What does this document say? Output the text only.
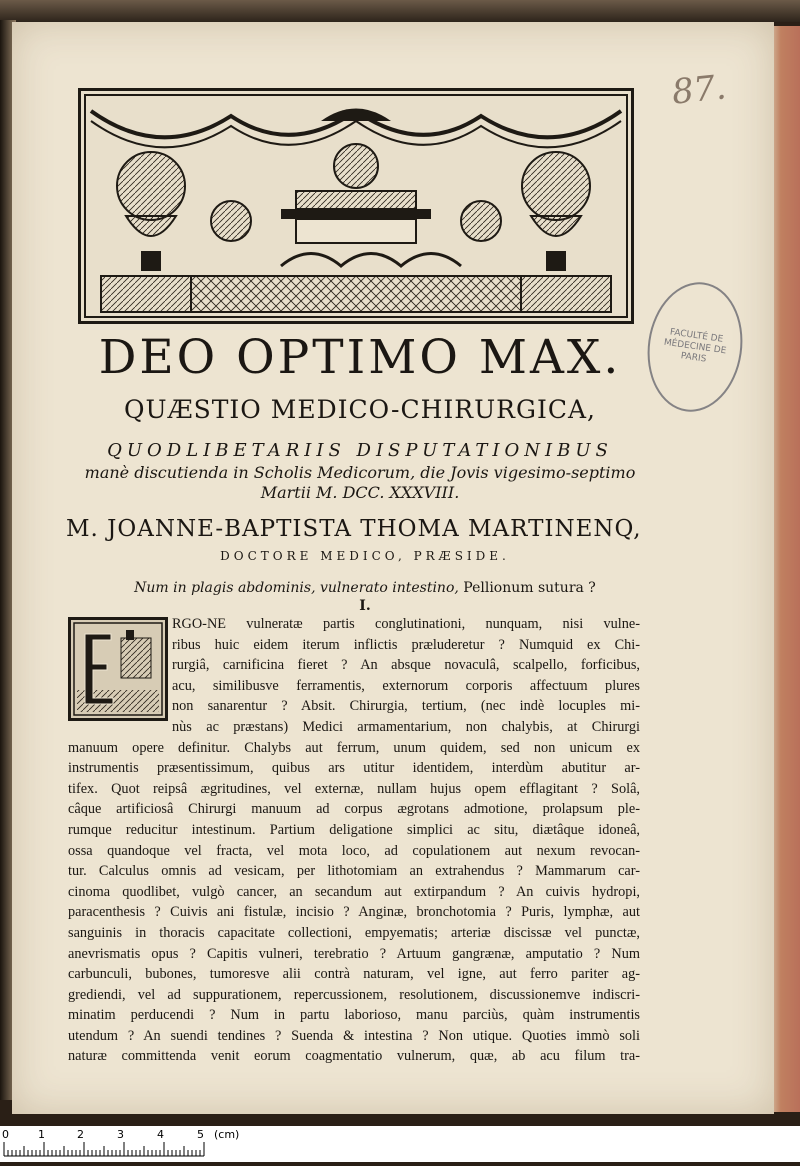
87.
FACULTÉ DE MÉDECINE DE PARIS
DEO OPTIMO MAX.
QUÆSTIO MEDICO-CHIRURGICA,
QUODLIBETARIIS DISPUTATIONIBUS
manè discutienda in Scholis Medicorum, die Jovis vigesimo-septimo
Martii M. DCC. XXXVIII.
M. JOANNE-BAPTISTA THOMA MARTINENQ,
DOCTORE MEDICO, PRÆSIDE.
Num in plagis abdominis, vulnerato intestino, Pellionum sutura ?
I.
RGO-NE vulneratæ partis conglutinationi, nunquam, nisi vulne-
ribus huic eidem iterum inflictis præluderetur ? Numquid ex Chi-
rurgiâ, carnificina fieret ? An absque novaculâ, scalpello, forficibus,
acu, similibusve ferramentis, externorum corporis affectuum plures
non sanarentur ? Absit. Chirurgia, tertium, (nec indè locuples mi-
nùs ac præstans) Medici armamentarium, non chalybis, at Chirurgi
manuum opere definitur. Chalybs aut ferrum, unum quidem, sed non unicum ex
instrumentis præsentissimum, quibus ars utitur identidem, interdùm abutitur ar-
tifex. Quot reipsâ ægritudines, vel externæ, nullam hujus opem efflagitant ? Solâ,
câque artificiosâ Chirurgi manuum ad corpus ægrotans admotione, prolapsum ple-
rumque reducitur intestinum. Partium deligatione simplici ac situ, diætâque idoneâ,
ossa quandoque vel fracta, vel mota loco, ad copulationem aut nexum revocan-
tur. Calculus omnis ad vesicam, per lithotomiam an extrahendus ? Mammarum car-
cinoma quodlibet, vulgò cancer, an secandum aut extirpandum ? An cuivis hydropi,
paracenthesis ? Cuivis ani fistulæ, incisio ? Anginæ, bronchotomia ? Puris, lymphæ, aut
sanguinis in thoracis capacitate collectioni, empyematis; arteriæ discissæ vel punctæ,
anevrismatis opus ? Capitis vulneri, terebratio ? Artuum gangrænæ, amputatio ? Num
carbunculi, bubones, tumoresve alii contrà naturam, vel igne, aut ferro pariter ag-
grediendi, vel ad suppurationem, repercussionem, resolutionem, discussionemve indiscri-
minatim perducendi ? Num in partu laborioso, manu parciùs, quàm instrumentis
utendum ? An suendi tendines ? Suenda & intestina ? Non utique. Quoties immò soli
naturæ committenda venit eorum coagmentatio vulnerum, quæ, ab acu filum tra-
0	1	2	3	4	5 (cm)
